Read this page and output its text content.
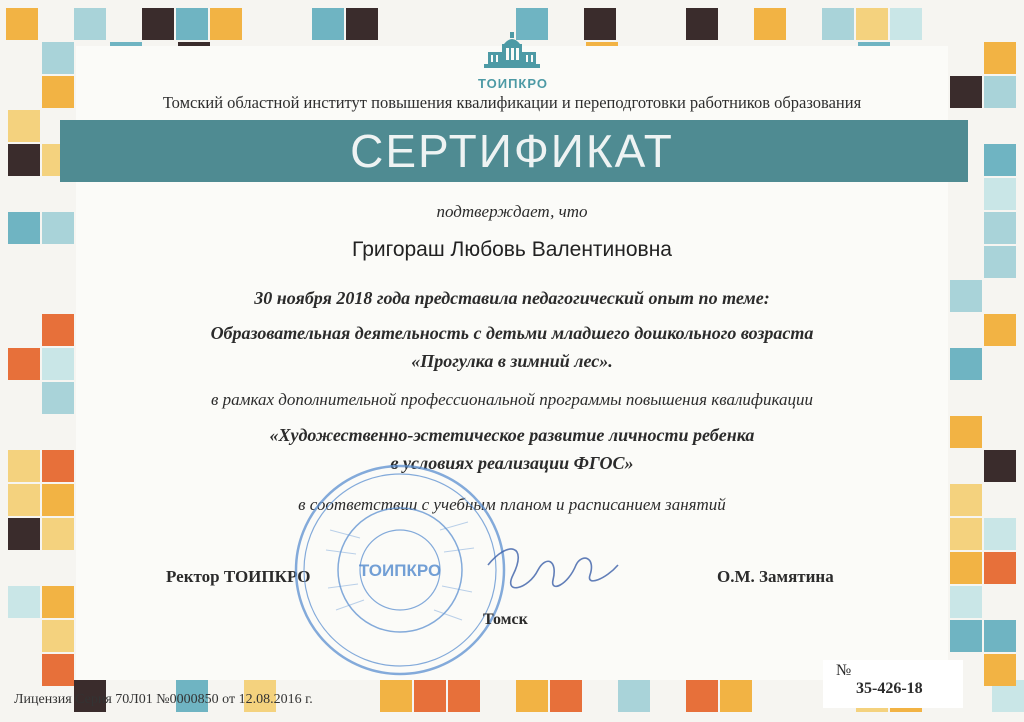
ТОИПКРО
Томский областной институт повышения квалификации и переподготовки работников образования
СЕРТИФИКАТ
подтверждает, что
Григораш Любовь Валентиновна
30 ноября 2018 года представила педагогический опыт по теме:
Образовательная деятельность с детьми младшего дошкольного возраста
«Прогулка в зимний лес».
в рамках дополнительной профессиональной программы повышения квалификации
«Художественно-эстетическое развитие личности ребенка
в условиях реализации ФГОС»
в соответствии с учебным планом и расписанием занятий
Ректор ТОИПКРО	О.М. Замятина
ТОИПКРО
Томск
№
35-426-18
Лицензия Серия 70Л01 №0000850 от 12.08.2016 г.
